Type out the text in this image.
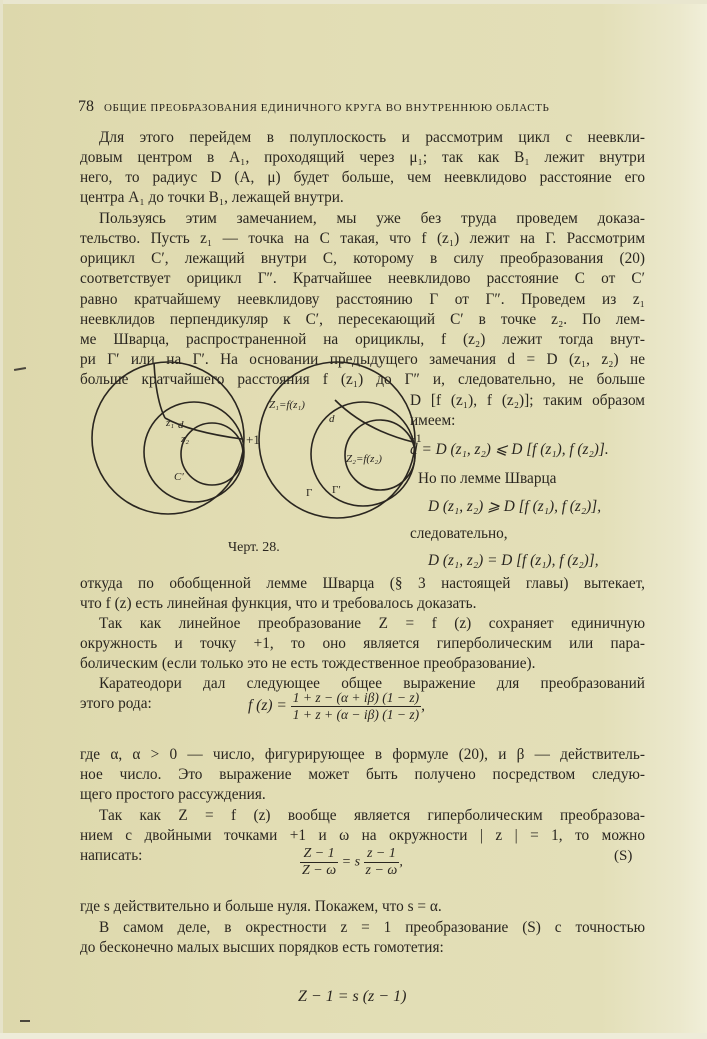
78 ОБЩИЕ ПРЕОБРАЗОВАНИЯ ЕДИНИЧНОГО КРУГА ВО ВНУТРЕННЮЮ ОБЛАСТЬ
Для этого перейдем в полуплоскость и рассмотрим цикл с неевкли-
довым центром в A₁, проходящий через μ₁; так как B₁ лежит внутри
него, то радиус D (A, μ) будет больше, чем неевклидово расстояние его
центра A₁ до точки B₁, лежащей внутри.
Пользуясь этим замечанием, мы уже без труда проведем доказа-
тельство. Пусть z₁ — точка на C такая, что f (z₁) лежит на Γ. Рассмотрим
орицикл C′, лежащий внутри C, которому в силу преобразования (20)
соответствует орицикл Γ″. Кратчайшее неевклидово расстояние C от C′
равно кратчайшему неевклидову расстоянию Γ от Γ″. Проведем из z₁
неевклидов перпендикуляр к C′, пересекающий C′ в точке z₂. По лем-
ме Шварца, распространенной на орициклы, f (z₂) лежит тогда внут-
ри Γ′ или на Γ′. На основании предыдущего замечания d = D (z₁, z₂) не
больше кратчайшего расстояния f (z₁) до Γ″ и, следовательно, не больше
D [f (z₁), f (z₂)]; таким образом
имеем:
d = D (z₁, z₂) ⩽ D [f (z₁), f (z₂)].
Но по лемме Шварца
D (z₁, z₂) ⩾ D [f (z₁), f (z₂)],
следовательно,
D (z₁, z₂) = D [f (z₁), f (z₂)],
z₁ d
z₂
C′
+1
Z₁=f(z₁)
d
Z₂=f(z₂)
Γ Γ′
+1
Черт. 28.
откуда по обобщенной лемме Шварца (§ 3 настоящей главы) вытекает,
что f (z) есть линейная функция, что и требовалось доказать.
Так как линейное преобразование Z = f (z) сохраняет единичную
окружность и точку +1, то оно является гиперболическим или пара-
болическим (если только это не есть тождественное преобразование).
Каратеодори дал следующее общее выражение для преобразований
этого рода:	f $(z) = \frac{1 + z - (\alpha + i\beta) (1 - z)}{1 + z + (\alpha - i\beta) (1 - z)}$ ,
где α, α > 0 — число, фигурирующее в формуле (20), и β — действитель-
ное число. Это выражение может быть получено посредством следую-
щего простого рассуждения.
Так как Z = f (z) вообще является гиперболическим преобразова-
нием с двойными точками +1 и ω на окружности | z | = 1, то можно
написать:	$\frac{Z - 1}{Z - \omega} = s \frac{z - 1}{z - \omega}$ ,	(S)
где s действительно и больше нуля. Покажем, что s = α.
В самом деле, в окрестности z = 1 преобразование (S) с точностью
до бесконечно малых высших порядков есть гомотетия:
Z − 1 = s (z − 1)
